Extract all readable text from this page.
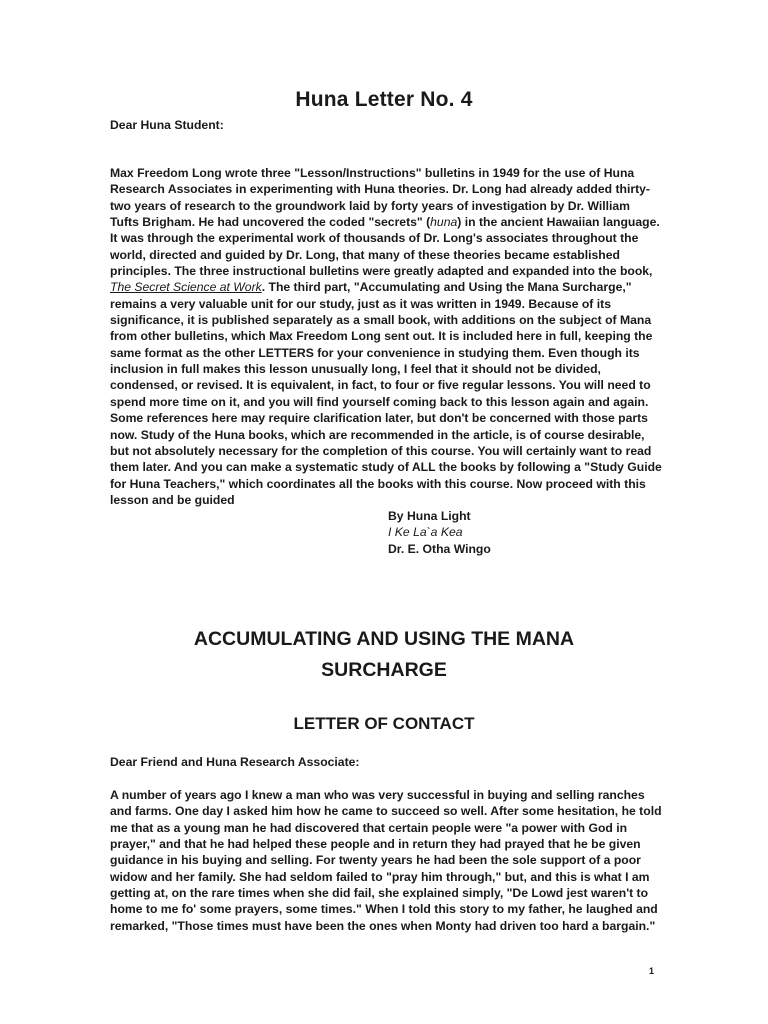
Huna Letter No. 4
Dear Huna Student:
Max Freedom Long wrote three "Lesson/Instructions" bulletins in 1949 for the use of Huna Research Associates in experimenting with Huna theories. Dr. Long had already added thirty-two years of research to the groundwork laid by forty years of investigation by Dr. William Tufts Brigham. He had uncovered the coded "secrets" (huna) in the ancient Hawaiian language. It was through the experimental work of thousands of Dr. Long's associates throughout the world, directed and guided by Dr. Long, that many of these theories became established principles. The three instructional bulletins were greatly adapted and expanded into the book, The Secret Science at Work. The third part, "Accumulating and Using the Mana Surcharge," remains a very valuable unit for our study, just as it was written in 1949. Because of its significance, it is published separately as a small book, with additions on the subject of Mana from other bulletins, which Max Freedom Long sent out. It is included here in full, keeping the same format as the other LETTERS for your convenience in studying them. Even though its inclusion in full makes this lesson unusually long, I feel that it should not be divided, condensed, or revised. It is equivalent, in fact, to four or five regular lessons. You will need to spend more time on it, and you will find yourself coming back to this lesson again and again. Some references here may require clarification later, but don't be concerned with those parts now. Study of the Huna books, which are recommended in the article, is of course desirable, but not absolutely necessary for the completion of this course. You will certainly want to read them later. And you can make a systematic study of ALL the books by following a "Study Guide for Huna Teachers," which coordinates all the books with this course. Now proceed with this lesson and be guided
By Huna Light
I Ke La`a Kea
Dr. E. Otha Wingo
ACCUMULATING AND USING THE MANA
SURCHARGE
LETTER OF CONTACT
Dear Friend and Huna Research Associate:
A number of years ago I knew a man who was very successful in buying and selling ranches and farms. One day I asked him how he came to succeed so well. After some hesitation, he told me that as a young man he had discovered that certain people were "a power with God in prayer," and that he had helped these people and in return they had prayed that he be given guidance in his buying and selling. For twenty years he had been the sole support of a poor widow and her family. She had seldom failed to "pray him through," but, and this is what I am getting at, on the rare times when she did fail, she explained simply, "De Lowd jest waren't to home to me fo' some prayers, some times." When I told this story to my father, he laughed and remarked, "Those times must have been the ones when Monty had driven too hard a bargain."
1
